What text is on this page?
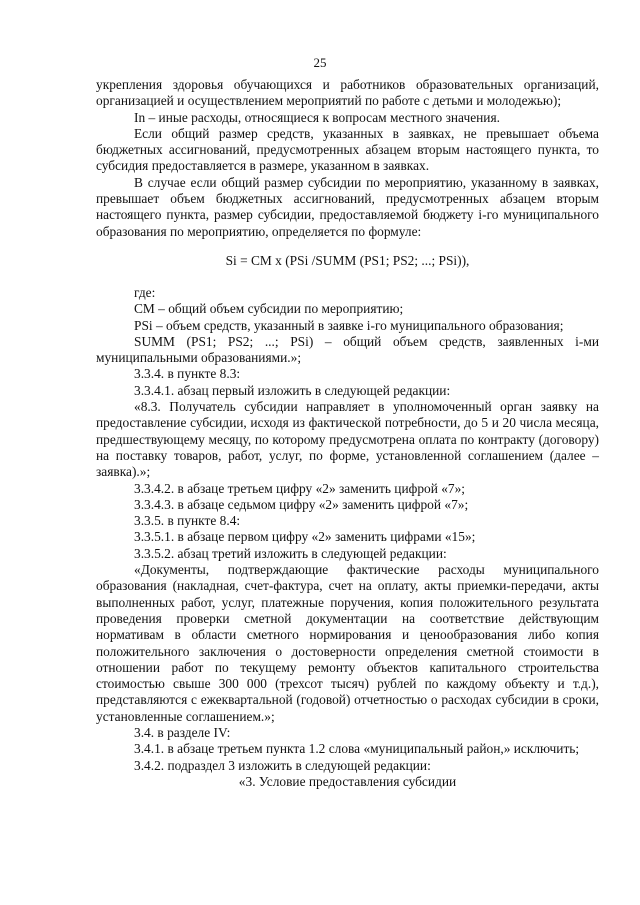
25

укрепления здоровья обучающихся и работников образовательных организаций, организацией и осуществлением мероприятий по работе с детьми и молодежью);

In – иные расходы, относящиеся к вопросам местного значения.

Если общий размер средств, указанных в заявках, не превышает объема бюджетных ассигнований, предусмотренных абзацем вторым настоящего пункта, то субсидия предоставляется в размере, указанном в заявках.

В случае если общий размер субсидии по мероприятию, указанному в заявках, превышает объем бюджетных ассигнований, предусмотренных абзацем вторым настоящего пункта, размер субсидии, предоставляемой бюджету i-го муниципального образования по мероприятию, определяется по формуле:

Si = CM x (PSi /SUMM (PS1; PS2; ...; PSi)),

где:

СМ – общий объем субсидии по мероприятию;

PSi – объем средств, указанный в заявке i-го муниципального образования;

SUMM (PS1; PS2; ...; PSi) – общий объем средств, заявленных i-ми муниципальными образованиями.»;

3.3.4. в пункте 8.3:

3.3.4.1. абзац первый изложить в следующей редакции:

«8.3. Получатель субсидии направляет в уполномоченный орган заявку на предоставление субсидии, исходя из фактической потребности, до 5 и 20 числа месяца, предшествующему месяцу, по которому предусмотрена оплата по контракту (договору) на поставку товаров, работ, услуг, по форме, установленной соглашением (далее – заявка).»;

3.3.4.2. в абзаце третьем цифру «2» заменить цифрой «7»;

3.3.4.3. в абзаце седьмом цифру «2» заменить цифрой «7»;

3.3.5. в пункте 8.4:

3.3.5.1. в абзаце первом цифру «2» заменить цифрами «15»;

3.3.5.2. абзац третий изложить в следующей редакции:

«Документы, подтверждающие фактические расходы муниципального образования (накладная, счет-фактура, счет на оплату, акты приемки-передачи, акты выполненных работ, услуг, платежные поручения, копия положительного результата проведения проверки сметной документации на соответствие действующим нормативам в области сметного нормирования и ценообразования либо копия положительного заключения о достоверности определения сметной стоимости в отношении работ по текущему ремонту объектов капитального строительства стоимостью свыше 300 000 (трехсот тысяч) рублей по каждому объекту и т.д.), представляются с ежеквартальной (годовой) отчетностью о расходах субсидии в сроки, установленные соглашением.»;

3.4. в разделе IV:

3.4.1. в абзаце третьем пункта 1.2 слова «муниципальный район,» исключить;

3.4.2. подраздел 3 изложить в следующей редакции:

«3. Условие предоставления субсидии
